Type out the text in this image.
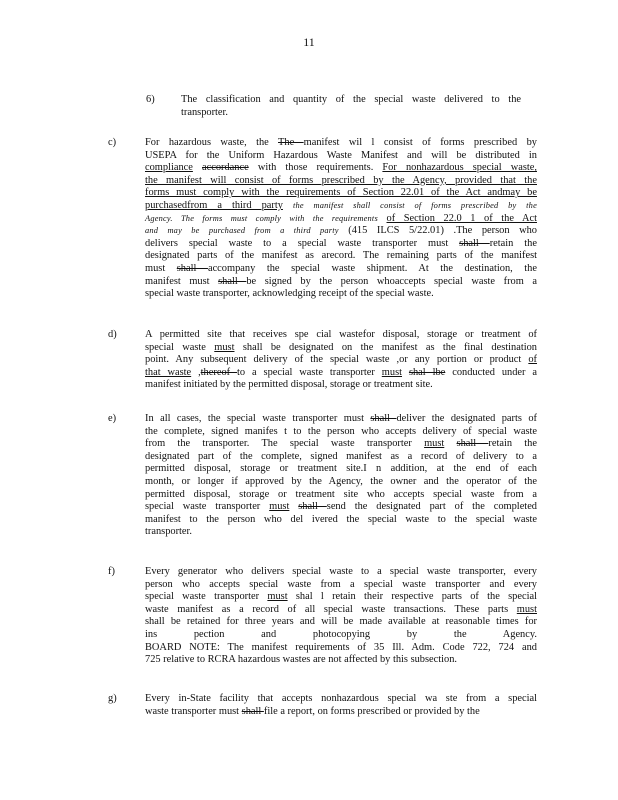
11
6)	The classification and quantity of the special waste delivered to the
transporter.
c)	For hazardous waste, the The manifest wil l consist of forms prescribed by
USEPA for the Uniform Hazardous Waste Manifest and will be distributed in
compliance accordance with those requirements. For nonhazardous special waste,
the manifest will consist of forms prescribed by the Agency, provided that the
forms must comply with the requirements of Section 22.01 of the Act andmay be
purchasedfrom a third party the manifest shall consist of forms prescribed by the
Agency. The forms must comply with the requirements of Section 22.0 1 of the Act
and may be purchased from a third party (415 ILCS 5/22.01) .The person who
delivers special waste to a special waste transporter must shall retain the
designated parts of the manifest as arecord. The remaining parts of the manifest
must shall accompany the special waste shipment. At the destination, the
manifest must shall be signed by the person whoaccepts special waste from a
special waste transporter, acknowledging receipt of the special waste.
d)	A permitted site that receives spe cial wastefor disposal, storage or treatment of
special waste must shall be designated on the manifest as the final destination
point. Any subsequent delivery of the special waste ,or any portion or product of
that waste ,thereof to a special waste transporter must shal lbe conducted under a
manifest initiated by the permitted disposal, storage or treatment site.
e)	In all cases, the special waste transporter must shall deliver the designated parts of
the complete, signed manifes t to the person who accepts delivery of special waste
from the transporter. The special waste transporter must shall retain the
designated part of the complete, signed manifest as a record of delivery to a
permitted disposal, storage or treatment site.I n addition, at the end of each
month, or longer if approved by the Agency, the owner and the operator of the
permitted disposal, storage or treatment site who accepts special waste from a
special waste transporter must shall send the designated part of the completed
manifest to the person who del ivered the special waste to the special waste
transporter.
f)	Every generator who delivers special waste to a special waste transporter, every
person who accepts special waste from a special waste transporter and every
special waste transporter must shal l retain their respective parts of the special
waste manifest as a record of all special waste transactions. These parts must
shall be retained for three years and will be made available at reasonable times for
ins pection and photocopying by the Agency.
BOARD NOTE: The manifest requirements of 35 Ill. Adm. Code 722, 724 and
725 relative to RCRA hazardous wastes are not affected by this subsection.
g)	Every in-State facility that accepts nonhazardous special wa ste from a special
waste transporter must shall file a report, on forms prescribed or provided by the
